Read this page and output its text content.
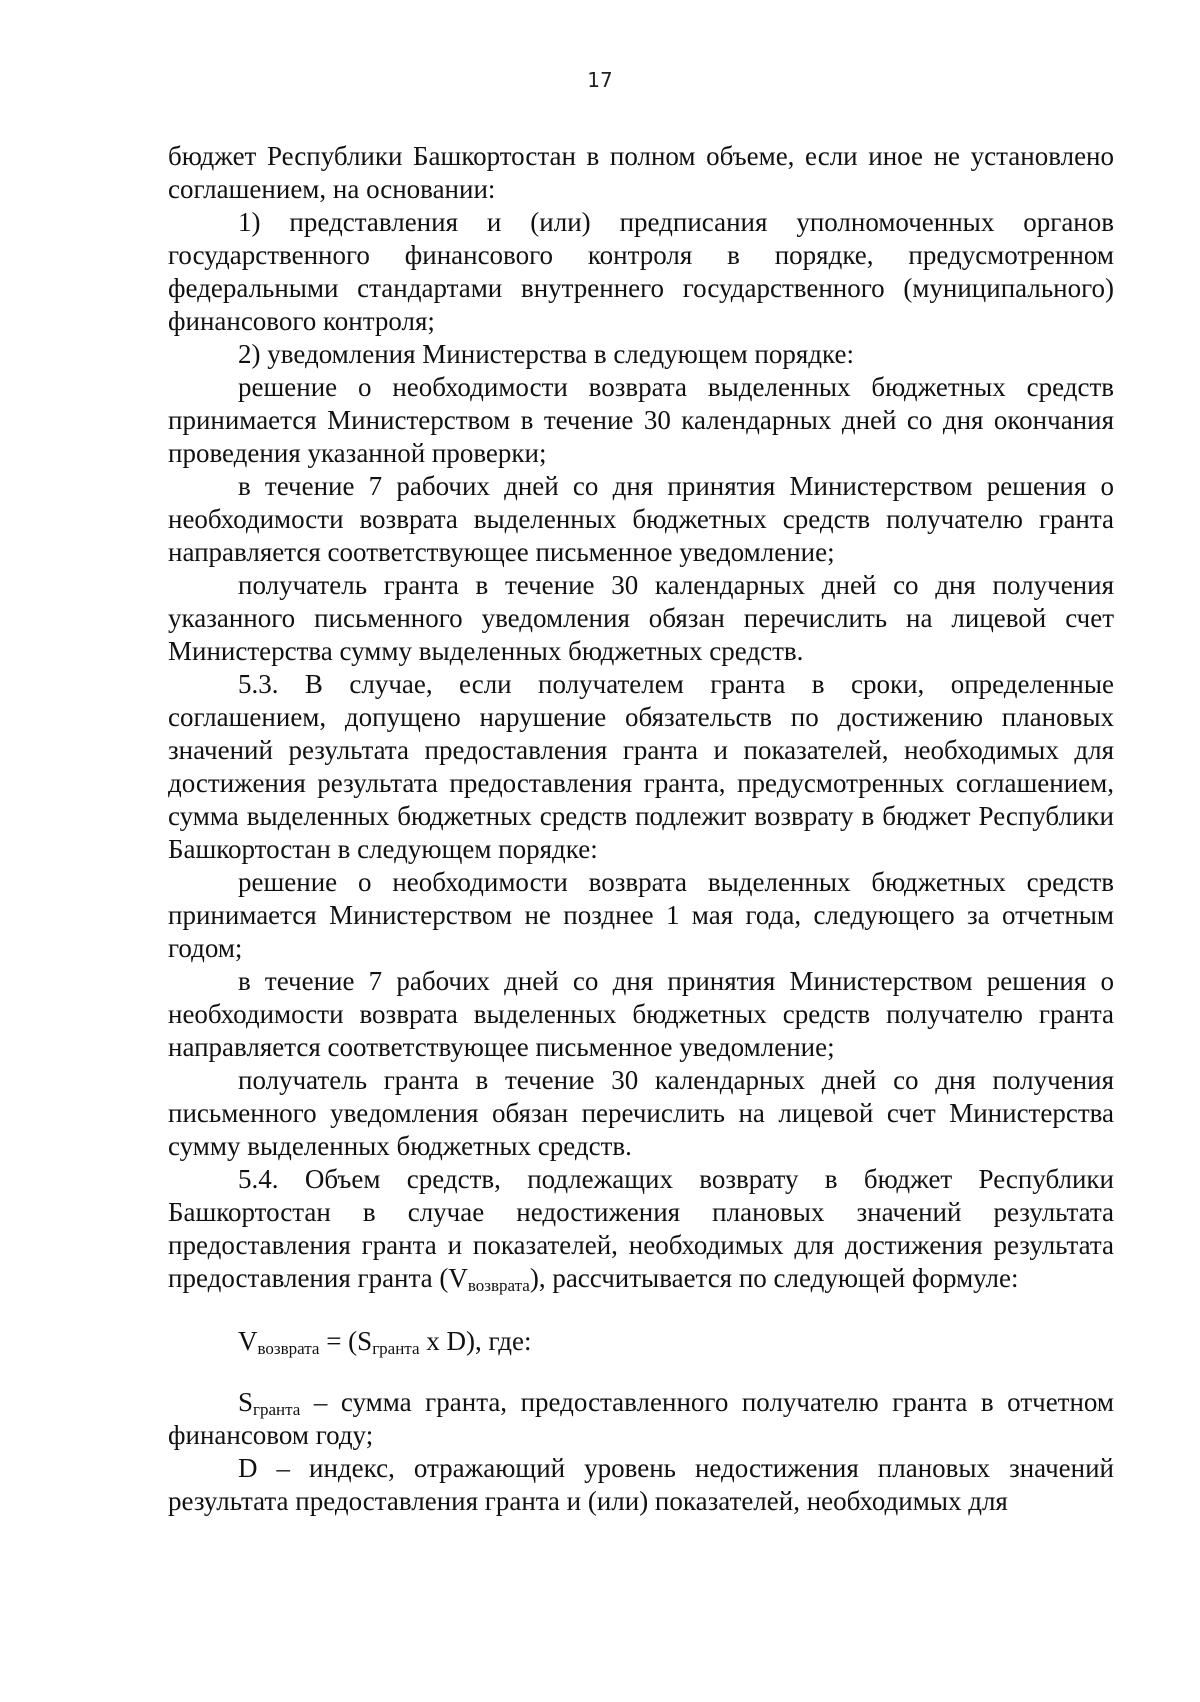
17

бюджет Республики Башкортостан в полном объеме, если иное не установлено соглашением, на основании:

1) представления и (или) предписания уполномоченных органов государственного финансового контроля в порядке, предусмотренном федеральными стандартами внутреннего государственного (муниципального) финансового контроля;

2) уведомления Министерства в следующем порядке:

решение о необходимости возврата выделенных бюджетных средств принимается Министерством в течение 30 календарных дней со дня окончания проведения указанной проверки;

в течение 7 рабочих дней со дня принятия Министерством решения о необходимости возврата выделенных бюджетных средств получателю гранта направляется соответствующее письменное уведомление;

получатель гранта в течение 30 календарных дней со дня получения указанного письменного уведомления обязан перечислить на лицевой счет Министерства сумму выделенных бюджетных средств.

5.3. В случае, если получателем гранта в сроки, определенные соглашением, допущено нарушение обязательств по достижению плановых значений результата предоставления гранта и показателей, необходимых для достижения результата предоставления гранта, предусмотренных соглашением, сумма выделенных бюджетных средств подлежит возврату в бюджет Республики Башкортостан в следующем порядке:

решение о необходимости возврата выделенных бюджетных средств принимается Министерством не позднее 1 мая года, следующего за отчетным годом;

в течение 7 рабочих дней со дня принятия Министерством решения о необходимости возврата выделенных бюджетных средств получателю гранта направляется соответствующее письменное уведомление;

получатель гранта в течение 30 календарных дней со дня получения письменного уведомления обязан перечислить на лицевой счет Министерства сумму выделенных бюджетных средств.

5.4. Объем средств, подлежащих возврату в бюджет Республики Башкортостан в случае недостижения плановых значений результата предоставления гранта и показателей, необходимых для достижения результата предоставления гранта $(V_{возврата})$, рассчитывается по следующей формуле:

$V_{возврата} = (S_{гранта}$ x D), где:

$S_{гранта}$ – сумма гранта, предоставленного получателю гранта в отчетном финансовом году;

D – индекс, отражающий уровень недостижения плановых значений результата предоставления гранта и (или) показателей, необходимых для
